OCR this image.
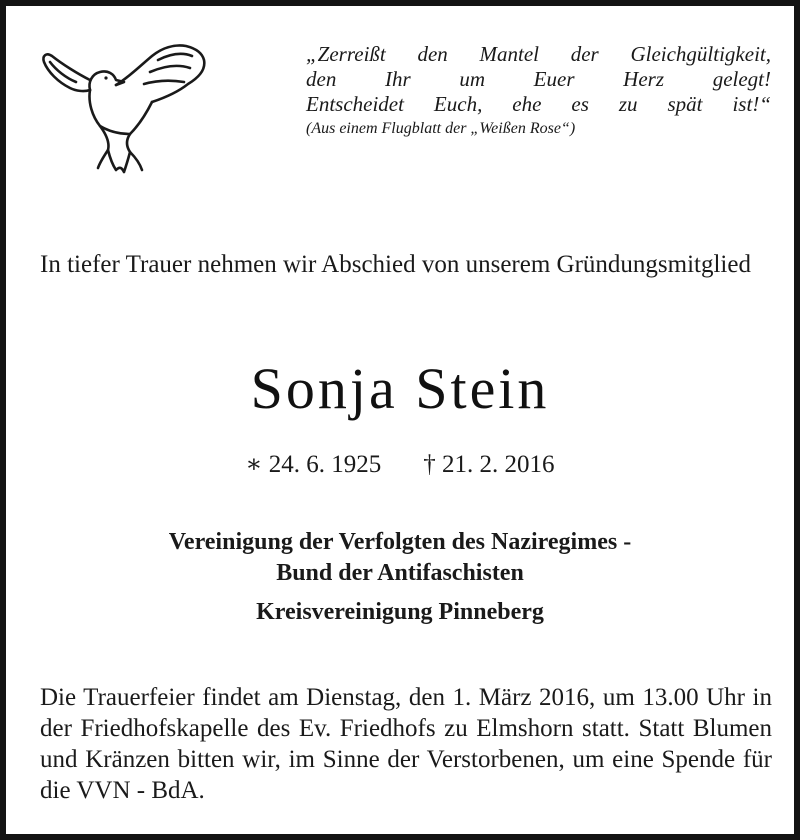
„Zerreißt den Mantel der Gleichgültigkeit,
den Ihr um Euer Herz gelegt!
Entscheidet Euch, ehe es zu spät ist!“
(Aus einem Flugblatt der „Weißen Rose“)
In tiefer Trauer nehmen wir Abschied von unserem Gründungsmitglied
Sonja Stein
∗ 24. 6. 1925 † 21. 2. 2016
Vereinigung der Verfolgten des Naziregimes -
Bund der Antifaschisten
Kreisvereinigung Pinneberg
Die Trauerfeier findet am Dienstag, den 1. März 2016, um 13.00 Uhr in der Friedhofskapelle des Ev. Friedhofs zu Elmshorn statt. Statt Blumen und Kränzen bitten wir, im Sinne der Verstorbenen, um eine Spende für die VVN - BdA.
